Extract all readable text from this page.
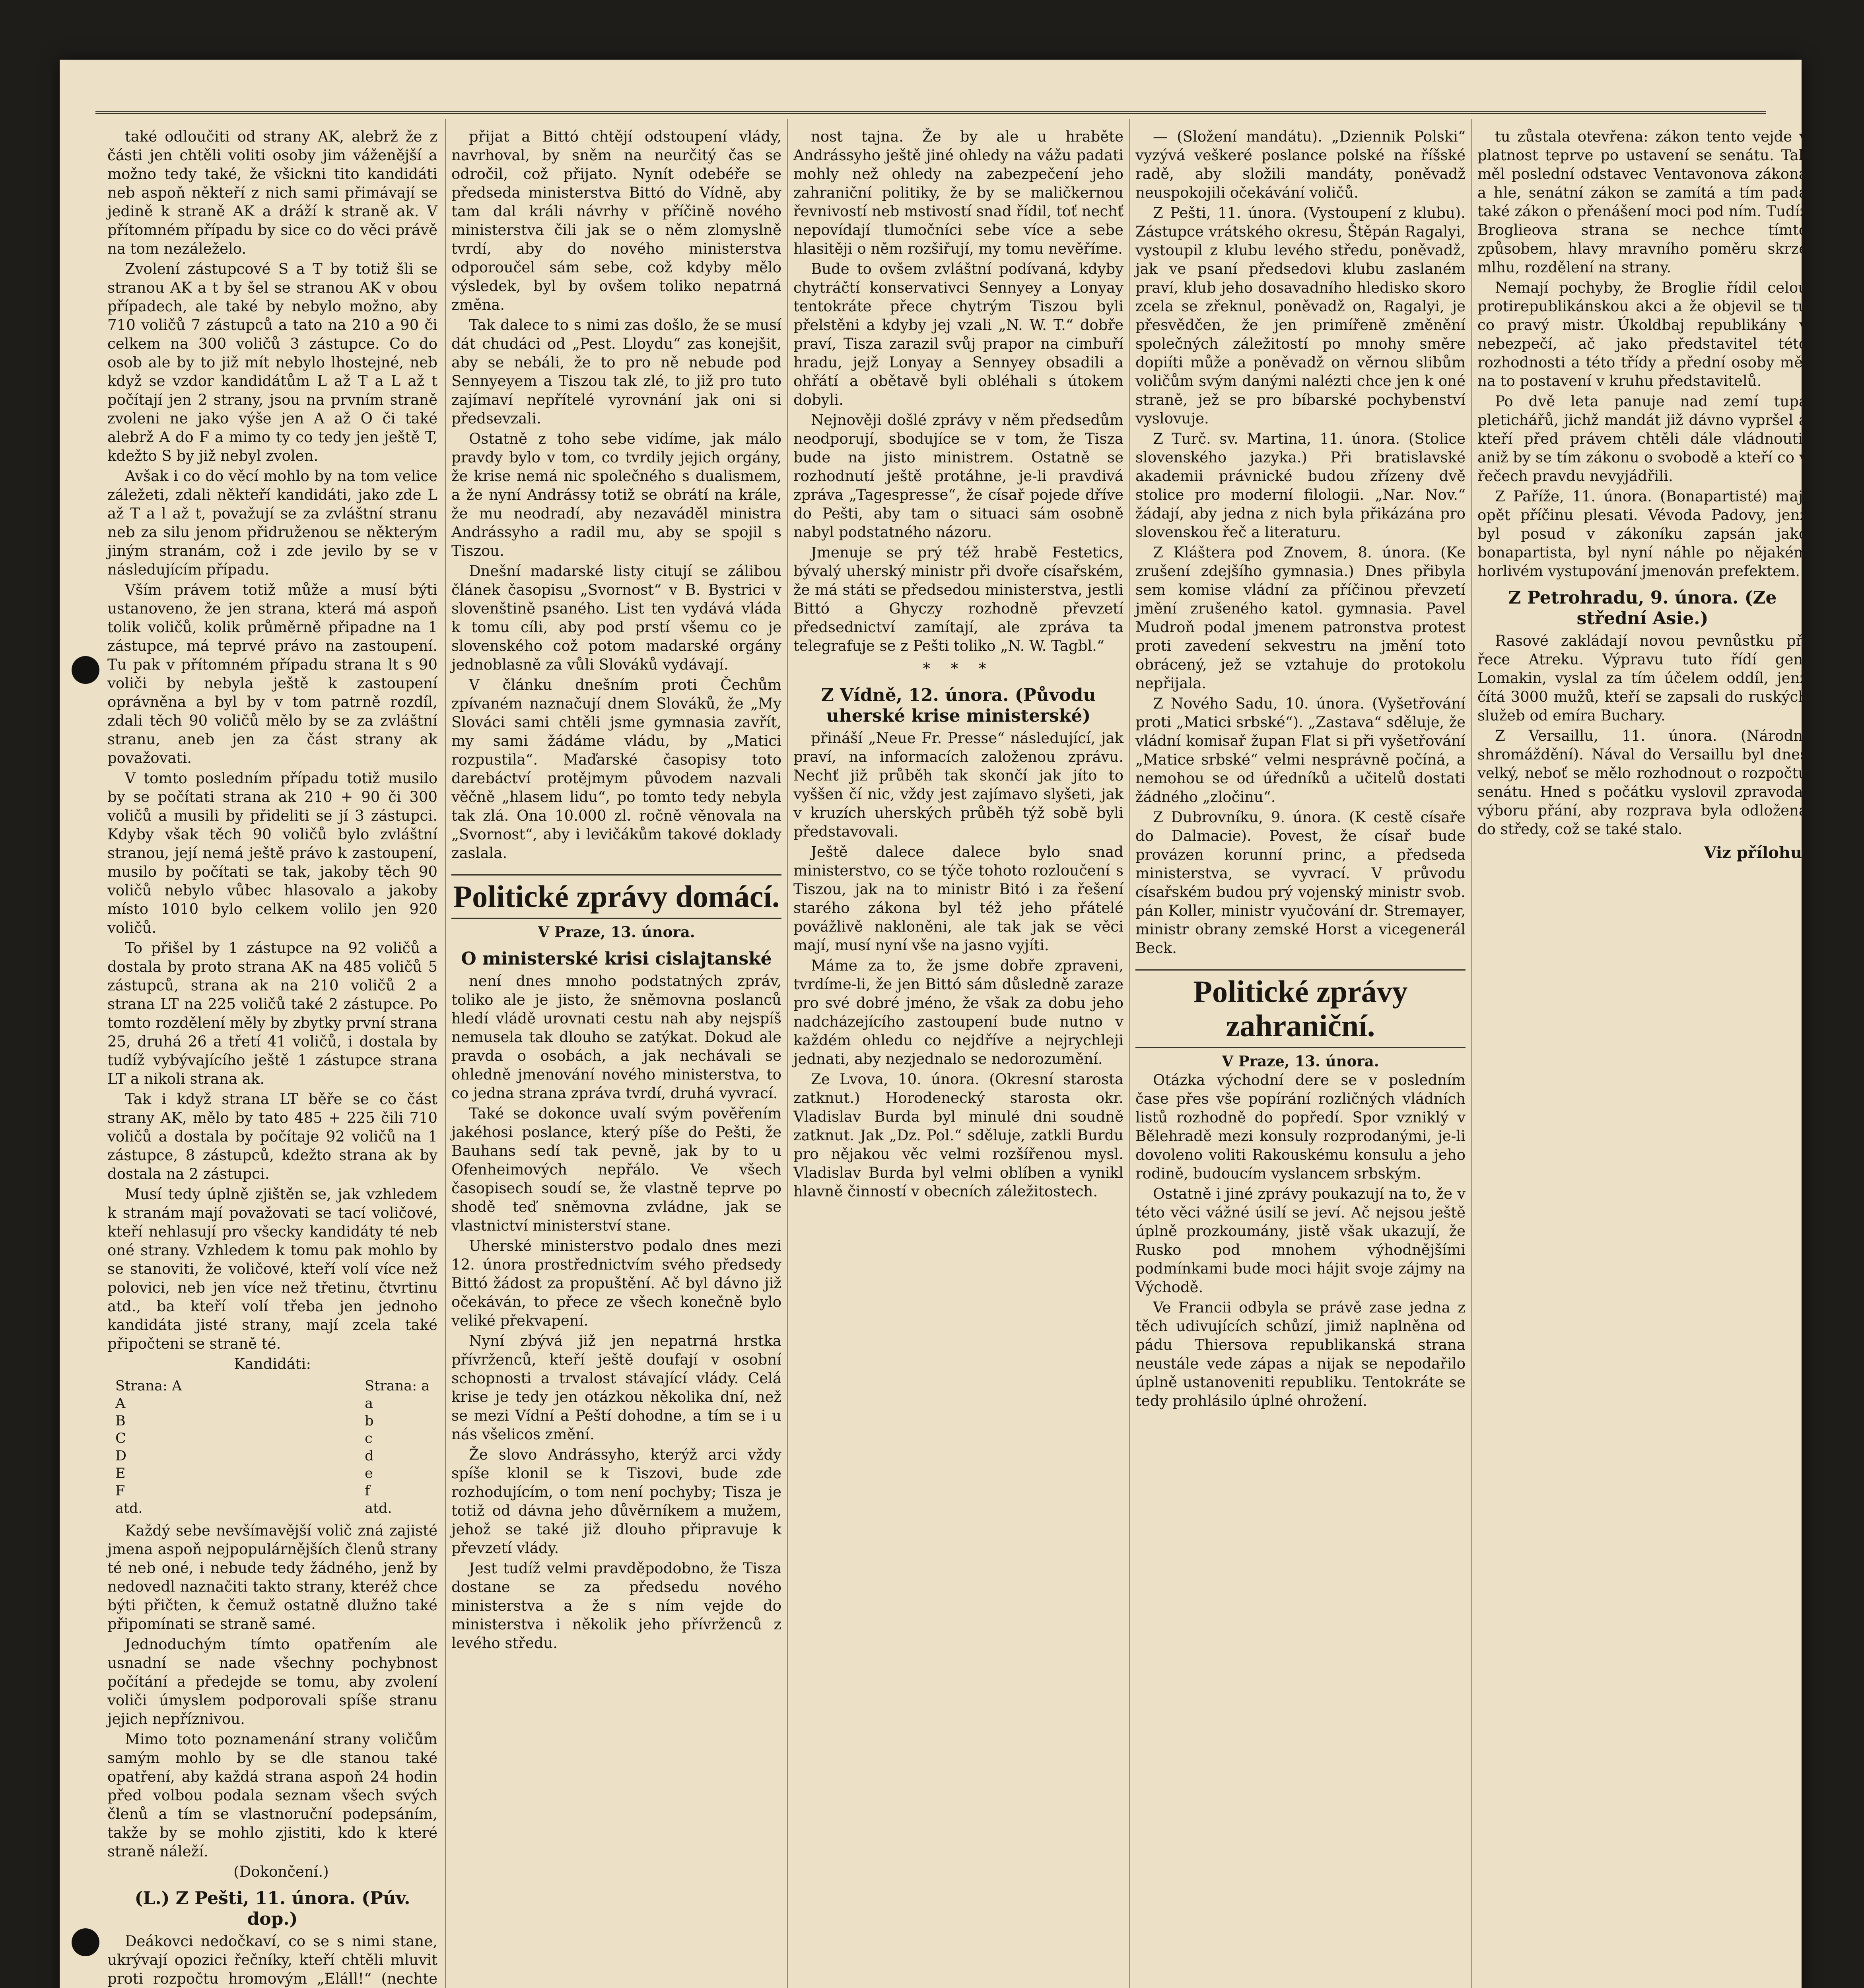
také odloučiti od strany AK, alebrž že z části jen chtěli voliti osoby jim váženější a možno tedy také, že všickni tito kandidáti neb aspoň někteří z nich sami přimávají se jedině k straně AK a dráží k straně ak. V přítomném případu by sice co do věci právě na tom nezáleželo.

Zvolení zástupcové S a T by totiž šli se stranou AK a t by šel se stranou AK v obou případech, ale také by nebylo možno, aby 710 voličů 7 zástupců a tato na 210 a 90 či celkem na 300 voličů 3 zástupce. Co do osob ale by to již mít nebylo lhostejné, neb když se vzdor kandidátům L až T a L až t počítají jen 2 strany, jsou na prvním straně zvoleni ne jako výše jen A až O či také alebrž A do F a mimo ty co tedy jen ještě T, kdežto S by již nebyl zvolen.

Avšak i co do věcí mohlo by na tom velice záležeti, zdali někteří kandidáti, jako zde L až T a l až t, považují se za zvláštní stranu neb za silu jenom přidruženou se některým jiným stranám, což i zde jevilo by se v následujícím případu.

Vším právem totiž může a musí býti ustanoveno, že jen strana, která má aspoň tolik voličů, kolik průměrně připadne na 1 zástupce, má teprvé právo na zastoupení. Tu pak v přítomném případu strana lt s 90 voliči by nebyla ještě k zastoupení oprávněna a byl by v tom patrně rozdíl, zdali těch 90 voličů mělo by se za zvláštní stranu, aneb jen za část strany ak považovati.

V tomto posledním případu totiž musilo by se počítati strana ak 210 + 90 či 300 voličů a musili by přideliti se jí 3 zástupci. Kdyby však těch 90 voličů bylo zvláštní stranou, její nemá ještě právo k zastoupení, musilo by počítati se tak, jakoby těch 90 voličů nebylo vůbec hlasovalo a jakoby místo 1010 bylo celkem volilo jen 920 voličů.

To přišel by 1 zástupce na 92 voličů a dostala by proto strana AK na 485 voličů 5 zástupců, strana ak na 210 voličů 2 a strana LT na 225 voličů také 2 zástupce. Po tomto rozdělení měly by zbytky první strana 25, druhá 26 a třetí 41 voličů, i dostala by tudíž vybývajícího ještě 1 zástupce strana LT a nikoli strana ak.

Tak i když strana LT běře se co část strany AK, mělo by tato 485 + 225 čili 710 voličů a dostala by počítaje 92 voličů na 1 zástupce, 8 zástupců, kdežto strana ak by dostala na 2 zástupci.

Musí tedy úplně zjištěn se, jak vzhledem k stranám mají považovati se tací voličové, kteří nehlasují pro všecky kandidáty té neb oné strany. Vzhledem k tomu pak mohlo by se stanoviti, že voličové, kteří volí více než polovici, neb jen více než třetinu, čtvrtinu atd., ba kteří volí třeba jen jednoho kandidáta jisté strany, mají zcela také připočteni se straně té.

Kandidáti:
Strana: A
A
B
C
D
E
F
atd.
Strana: a
a
b
c
d
e
f
atd.

Každý sebe nevšímavější volič zná zajisté jmena aspoň nejpopulárnějších členů strany té neb oné, i nebude tedy žádného, jenž by nedovedl naznačiti takto strany, kteréž chce býti přičten, k čemuž ostatně dlužno také připomínati se straně samé.

Jednoduchým tímto opatřením ale usnadní se nade všechny pochybnost počítání a předejde se tomu, aby zvolení voliči úmyslem podporovali spíše stranu jejich nepříznivou.

Mimo toto poznamenání strany voličům samým mohlo by se dle stanou také opatření, aby každá strana aspoň 24 hodin před volbou podala seznam všech svých členů a tím se vlastnoruční podepsáním, takže by se mohlo zjistiti, kdo k které straně náleží.

(Dokončení.)

(L.) Z Pešti, 11. února. (Púv. dop.)

Deákovci nedočkaví, co se s nimi stane, ukrývají opozici řečníky, kteří chtěli mluvit proti rozpočtu hromovým „Eláll!“ (nechte

přijat a Bittó chtějí odstoupení vlády, navrhoval, by sněm na neurčitý čas se odročil, což přijato. Nynít odebéře se předseda ministerstva Bittó do Vídně, aby tam dal králi návrhy v příčině nového ministerstva čili jak se o něm zlomyslně tvrdí, aby do nového ministerstva odporoučel sám sebe, což kdyby mělo výsledek, byl by ovšem toliko nepatrná změna.

Tak dalece to s nimi zas došlo, že se musí dát chudáci od „Pest. Lloydu“ zas konejšit, aby se nebáli, že to pro ně nebude pod Sennyeyem a Tiszou tak zlé, to již pro tuto zajímaví nepřítelé vyrovnání jak oni si předsevzali.

Ostatně z toho sebe vidíme, jak málo pravdy bylo v tom, co tvrdily jejich orgány, že krise nemá nic společného s dualismem, a že nyní Andrássy totiž se obrátí na krále, že mu neodradí, aby nezaváděl ministra Andrássyho a radil mu, aby se spojil s Tiszou.

Dnešní madarské listy citují se zálibou článek časopisu „Svornost“ v B. Bystrici v slovenštině psaného. List ten vydává vláda k tomu cíli, aby pod prstí všemu co je slovenského což potom madarské orgány jednoblasně za vůli Slováků vydávají.

V článku dnešním proti Čechům zpívaném naznačují dnem Slováků, že „My Slováci sami chtěli jsme gymnasia zavřít, my sami žádáme vládu, by „Matici rozpustila“. Maďarské časopisy toto darebáctví protějmym původem nazvali věčně „hlasem lidu“, po tomto tedy nebyla tak zlá. Ona 10.000 zl. ročně věnovala na „Svornost“, aby i levičákům takové doklady zaslala.

Politické zprávy domácí.
V Praze, 13. února.
O ministerské krisi cislajtanské

není dnes mnoho podstatných zpráv, toliko ale je jisto, že sněmovna poslanců hledí vládě urovnati cestu nah aby nejspíš nemusela tak dlouho se zatýkat. Dokud ale pravda o osobách, a jak nechávali se ohledně jmenování nového ministerstva, to co jedna strana zpráva tvrdí, druhá vyvrací.

Také se dokonce uvalí svým pověřením jakéhosi poslance, který píše do Pešti, že Bauhans sedí tak pevně, jak by to u Ofenheimových nepřálo. Ve všech časopisech soudí se, že vlastně teprve po shodě teď sněmovna zvládne, jak se vlastnictví ministerství stane.

Uherské ministerstvo podalo dnes mezi 12. února prostřednictvím svého předsedy Bittó žádost za propuštění. Ač byl dávno již očekáván, to přece ze všech konečně bylo veliké překvapení.

Nyní zbývá již jen nepatrná hrstka přívrženců, kteří ještě doufají v osobní schopnosti a trvalost stávající vlády. Celá krise je tedy jen otázkou několika dní, než se mezi Vídní a Peští dohodne, a tím se i u nás všelicos změní.

Že slovo Andrássyho, kterýž arci vždy spíše klonil se k Tiszovi, bude zde rozhodujícím, o tom není pochyby; Tisza je totiž od dávna jeho důvěrníkem a mužem, jehož se také již dlouho připravuje k převzetí vlády.

Jest tudíž velmi pravděpodobno, že Tisza dostane se za předsedu nového ministerstva a že s ním vejde do ministerstva i několik jeho přívrženců z levého středu.

nost tajna. Že by ale u hraběte Andrássyho ještě jiné ohledy na vážu padati mohly než ohledy na zabezpečení jeho zahraniční politiky, že by se maličkernou řevnivostí neb mstivostí snad řídil, toť nechť nepovídají tlumočníci sebe více a sebe hlasitěji o něm rozšiřují, my tomu nevěříme.

Bude to ovšem zvláštní podívaná, kdyby chytráčtí konservativci Sennyey a Lonyay tentokráte přece chytrým Tiszou byli přelstěni a kdyby jej vzali „N. W. T.“ dobře praví, Tisza zarazil svůj prapor na cimbuří hradu, jejž Lonyay a Sennyey obsadili a ohřátí a obětavě byli obléhali s útokem dobyli.

Nejnověji došlé zprávy v něm předsedům neodporují, sbodujíce se v tom, že Tisza bude na jisto ministrem. Ostatně se rozhodnutí ještě protáhne, je-li pravdivá zpráva „Tagespresse“, že císař pojede dříve do Pešti, aby tam o situaci sám osobně nabyl podstatného názoru.

Jmenuje se prý též hrabě Festetics, bývalý uherský ministr při dvoře císařském, že má státi se předsedou ministerstva, jestli Bittó a Ghyczy rozhodně převzetí předsednictví zamítají, ale zpráva ta telegrafuje se z Pešti toliko „N. W. Tagbl.“

* * *
Z Vídně, 12. února. (Původu uherské krise ministerské)

přináší „Neue Fr. Presse“ následující, jak praví, na informacích založenou zprávu. Nechť již průběh tak skončí jak jíto to vyššen čí nic, vždy jest zajímavo slyšeti, jak v kruzích uherských průběh týž sobě byli představovali.

Ještě dalece dalece bylo snad ministerstvo, co se týče tohoto rozloučení s Tiszou, jak na to ministr Bitó i za řešení starého zákona byl též jeho přátelé povážlivě nakloněni, ale tak jak se věci mají, musí nyní vše na jasno vyjíti.

Máme za to, že jsme dobře zpraveni, tvrdíme-li, že jen Bittó sám důsledně zaraze pro své dobré jméno, že však za dobu jeho nadcházejícího zastoupení bude nutno v každém ohledu co nejdříve a nejrychleji jednati, aby nezjednalo se nedorozumění.

Ze Lvova, 10. února. (Okresní starosta zatknut.) Horodenecký starosta okr. Vladislav Burda byl minulé dni soudně zatknut. Jak „Dz. Pol.“ sděluje, zatkli Burdu pro nějakou věc velmi rozšířenou mysl. Vladislav Burda byl velmi oblíben a vynikl hlavně činností v obecních záležitostech.

— (Složení mandátu). „Dziennik Polski“ vyzývá veškeré poslance polské na říšské radě, aby složili mandáty, poněvadž neuspokojili očekávání voličů.

Z Pešti, 11. února. (Vystoupení z klubu). Zástupce vrátského okresu, Štěpán Ragalyi, vystoupil z klubu levého středu, poněvadž, jak ve psaní předsedovi klubu zaslaném praví, klub jeho dosavadního hledisko skoro zcela se zřeknul, poněvadž on, Ragalyi, je přesvědčen, že jen primířeně změnění společných záležitostí po mnohy směre dopiíti může a poněvadž on věrnou slibům voličům svým danými nalézti chce jen k oné straně, jež se pro bíbarské pochybenství vyslovuje.

Z Turč. sv. Martina, 11. února. (Stolice slovenského jazyka.) Při bratislavské akademii právnické budou zřízeny dvě stolice pro moderní filologii. „Nar. Nov.“ žádají, aby jedna z nich byla přikázána pro slovenskou řeč a literaturu.

Z Kláštera pod Znovem, 8. února. (Ke zrušení zdejšího gymnasia.) Dnes přibyla sem komise vládní za příčinou převzetí jmění zrušeného katol. gymnasia. Pavel Mudroň podal jmenem patronstva protest proti zavedení sekvestru na jmění toto obrácený, jež se vztahuje do protokolu nepřijala.

Z Nového Sadu, 10. února. (Vyšetřování proti „Matici srbské“). „Zastava“ sděluje, že vládní komisař župan Flat si při vyšetřování „Matice srbské“ velmi nesprávně počíná, a nemohou se od úředníků a učitelů dostati žádného „zločinu“.

Z Dubrovníku, 9. února. (K cestě císaře do Dalmacie). Povest, že císař bude provázen korunní princ, a předseda ministerstva, se vyvrací. V průvodu císařském budou prý vojenský ministr svob. pán Koller, ministr vyučování dr. Stremayer, ministr obrany zemské Horst a vicegenerál Beck.

Politické zprávy zahraniční.
V Praze, 13. února.

Otázka východní dere se v posledním čase přes vše popírání rozličných vládních listů rozhodně do popředí. Spor vzniklý v Bělehradě mezi konsuly rozprodanými, je-li dovoleno voliti Rakouskému konsulu a jeho rodině, budoucím vyslancem srbským.

Ostatně i jiné zprávy poukazují na to, že v této věci vážné úsilí se jeví. Ač nejsou ještě úplně prozkoumány, jistě však ukazují, že Rusko pod mnohem výhodnějšími podmínkami bude moci hájit svoje zájmy na Východě.

Ve Francii odbyla se právě zase jedna z těch udivujících schůzí, jimiž naplněna od pádu Thiersova republikanská strana neustále vede zápas a nijak se nepodařilo úplně ustanoveniti republiku. Tentokráte se tedy prohlásilo úplné ohrožení.

tu zůstala otevřena: zákon tento vejde v platnost teprve po ustavení se senátu. Tak měl poslední odstavec Ventavonova zákona a hle, senátní zákon se zamítá a tím padá také zákon o přenášení moci pod ním. Tudíž Broglieova strana se nechce tímto způsobem, hlavy mravního poměru skrze mlhu, rozdělení na strany.

Nemají pochyby, že Broglie řídil celou protirepublikánskou akci a že objevil se tu co pravý mistr. Úkoldbaj republikány v nebezpečí, ač jako představitel této rozhodnosti a této třídy a přední osoby měl na to postavení v kruhu představitelů.

Po dvě leta panuje nad zemí tupá pletichářů, jichž mandát již dávno vypršel a kteří před právem chtěli dále vládnouti, aniž by se tím zákonu o svobodě a kteří co v řečech pravdu nevyjádřili.

Z Paříže, 11. února. (Bonapartisté) mají opět příčinu plesati. Vévoda Padovy, jenž byl posud v zákoníku zapsán jako bonapartista, byl nyní náhle po nějakém horlivém vystupování jmenován prefektem.

Z Petrohradu, 9. února. (Ze střední Asie.)

Rasové zakládají novou pevnůstku při řece Atreku. Výpravu tuto řídí gen. Lomakin, vyslal za tím účelem oddíl, jenž čítá 3000 mužů, kteří se zapsali do ruských služeb od emíra Buchary.

Z Versaillu, 11. února. (Národní shromáždění). Nával do Versaillu byl dnes velký, neboť se mělo rozhodnout o rozpočtu senátu. Hned s počátku vyslovil zpravodaj výboru přání, aby rozprava byla odložena do středy, což se také stalo.

Viz přílohu.
